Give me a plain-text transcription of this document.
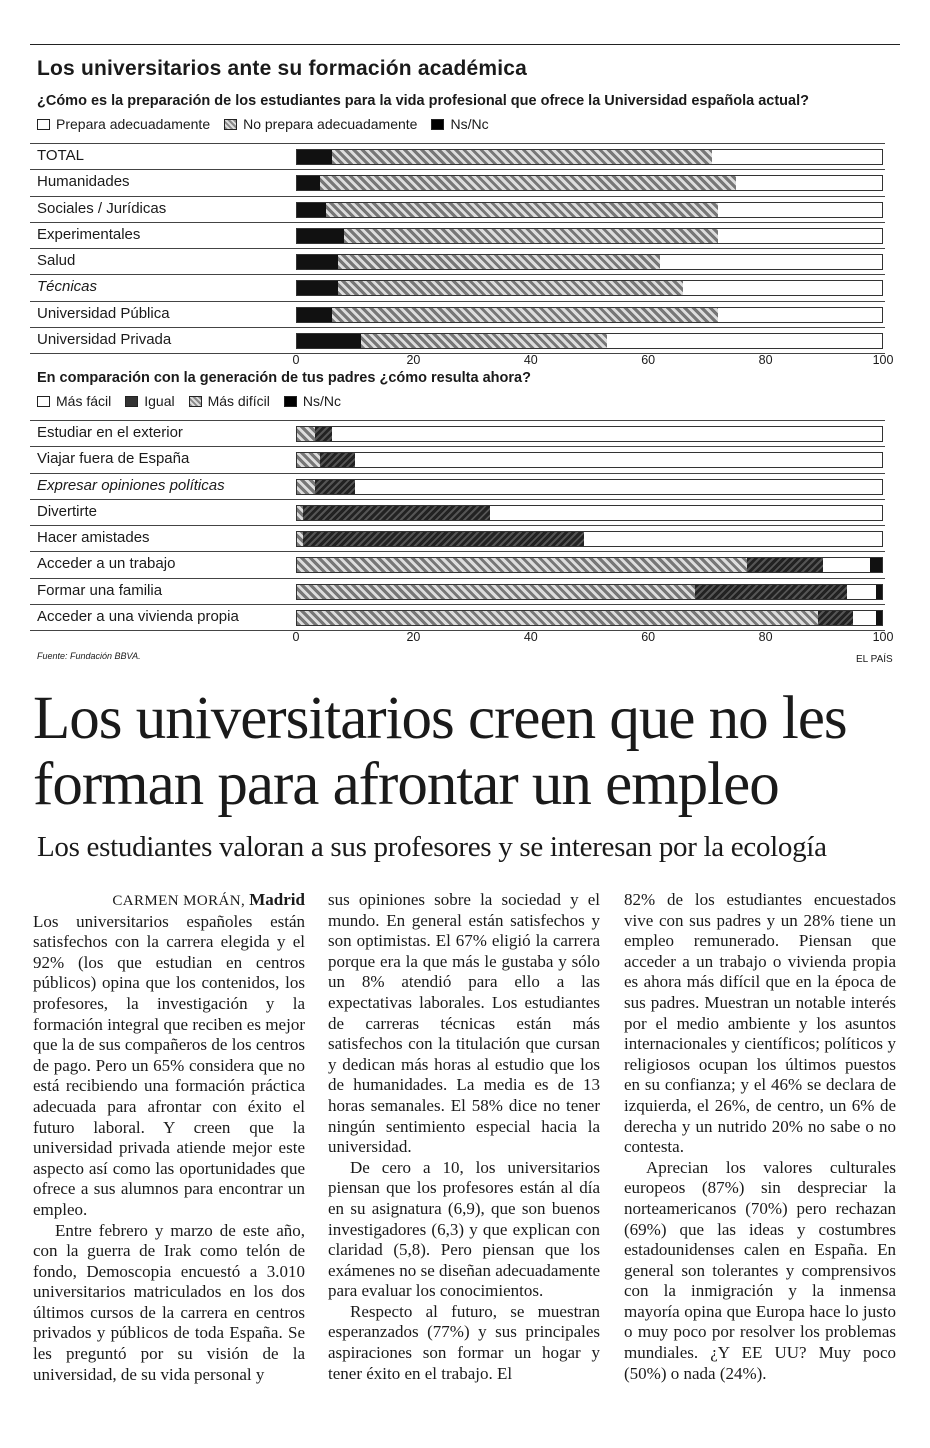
Los universitarios ante su formación académica
¿Cómo es la preparación de los estudiantes para la vida profesional que ofrece la Universidad española actual?
Prepara adecuadamente No prepara adecuadamente Ns/Nc
TOTAL
Humanidades
Sociales / Jurídicas
Experimentales
Salud
Técnicas
Universidad Pública
Universidad Privada
0	20	40	60	80	100
En comparación con la generación de tus padres ¿cómo resulta ahora?
Más fácil Igual Más difícil Ns/Nc
Estudiar en el exterior
Viajar fuera de España
Expresar opiniones políticas
Divertirte
Hacer amistades
Acceder a un trabajo
Formar una familia
Acceder a una vivienda propia
0	20	40	60	80	100
Fuente: Fundación BBVA.	EL PAÍS
Los universitarios creen que no les forman para afrontar un empleo
Los estudiantes valoran a sus profesores y se interesan por la ecología
CARMEN MORÁN, Madrid

Los universitarios españoles están satisfechos con la carrera elegida y el 92% (los que estudian en centros públicos) opina que los contenidos, los profesores, la investigación y la formación integral que reciben es mejor que la de sus compañeros de los centros de pago. Pero un 65% considera que no está recibiendo una formación práctica adecuada para afrontar con éxito el futuro laboral. Y creen que la universidad privada atiende mejor este aspecto así como las oportunidades que ofrece a sus alumnos para encontrar un empleo.

Entre febrero y marzo de este año, con la guerra de Irak como telón de fondo, Demoscopia encuestó a 3.010 universitarios matriculados en los dos últimos cursos de la carrera en centros privados y públicos de toda España. Se les preguntó por su visión de la universidad, de su vida personal y

sus opiniones sobre la sociedad y el mundo. En general están satisfechos y son optimistas. El 67% eligió la carrera porque era la que más le gustaba y sólo un 8% atendió para ello a las expectativas laborales. Los estudiantes de carreras técnicas están más satisfechos con la titulación que cursan y dedican más horas al estudio que los de humanidades. La media es de 13 horas semanales. El 58% dice no tener ningún sentimiento especial hacia la universidad.

De cero a 10, los universitarios piensan que los profesores están al día en su asignatura (6,9), que son buenos investigadores (6,3) y que explican con claridad (5,8). Pero piensan que los exámenes no se diseñan adecuadamente para evaluar los conocimientos.

Respecto al futuro, se muestran esperanzados (77%) y sus principales aspiraciones son formar un hogar y tener éxito en el trabajo. El

82% de los estudiantes encuestados vive con sus padres y un 28% tiene un empleo remunerado. Piensan que acceder a un trabajo o vivienda propia es ahora más difícil que en la época de sus padres. Muestran un notable interés por el medio ambiente y los asuntos internacionales y científicos; políticos y religiosos ocupan los últimos puestos en su confianza; y el 46% se declara de izquierda, el 26%, de centro, un 6% de derecha y un nutrido 20% no sabe o no contesta.

Aprecian los valores culturales europeos (87%) sin despreciar la norteamericanos (70%) pero rechazan (69%) que las ideas y costumbres estadounidenses calen en España. En general son tolerantes y comprensivos con la inmigración y la inmensa mayoría opina que Europa hace lo justo o muy poco por resolver los problemas mundiales. ¿Y EE UU? Muy poco (50%) o nada (24%).
